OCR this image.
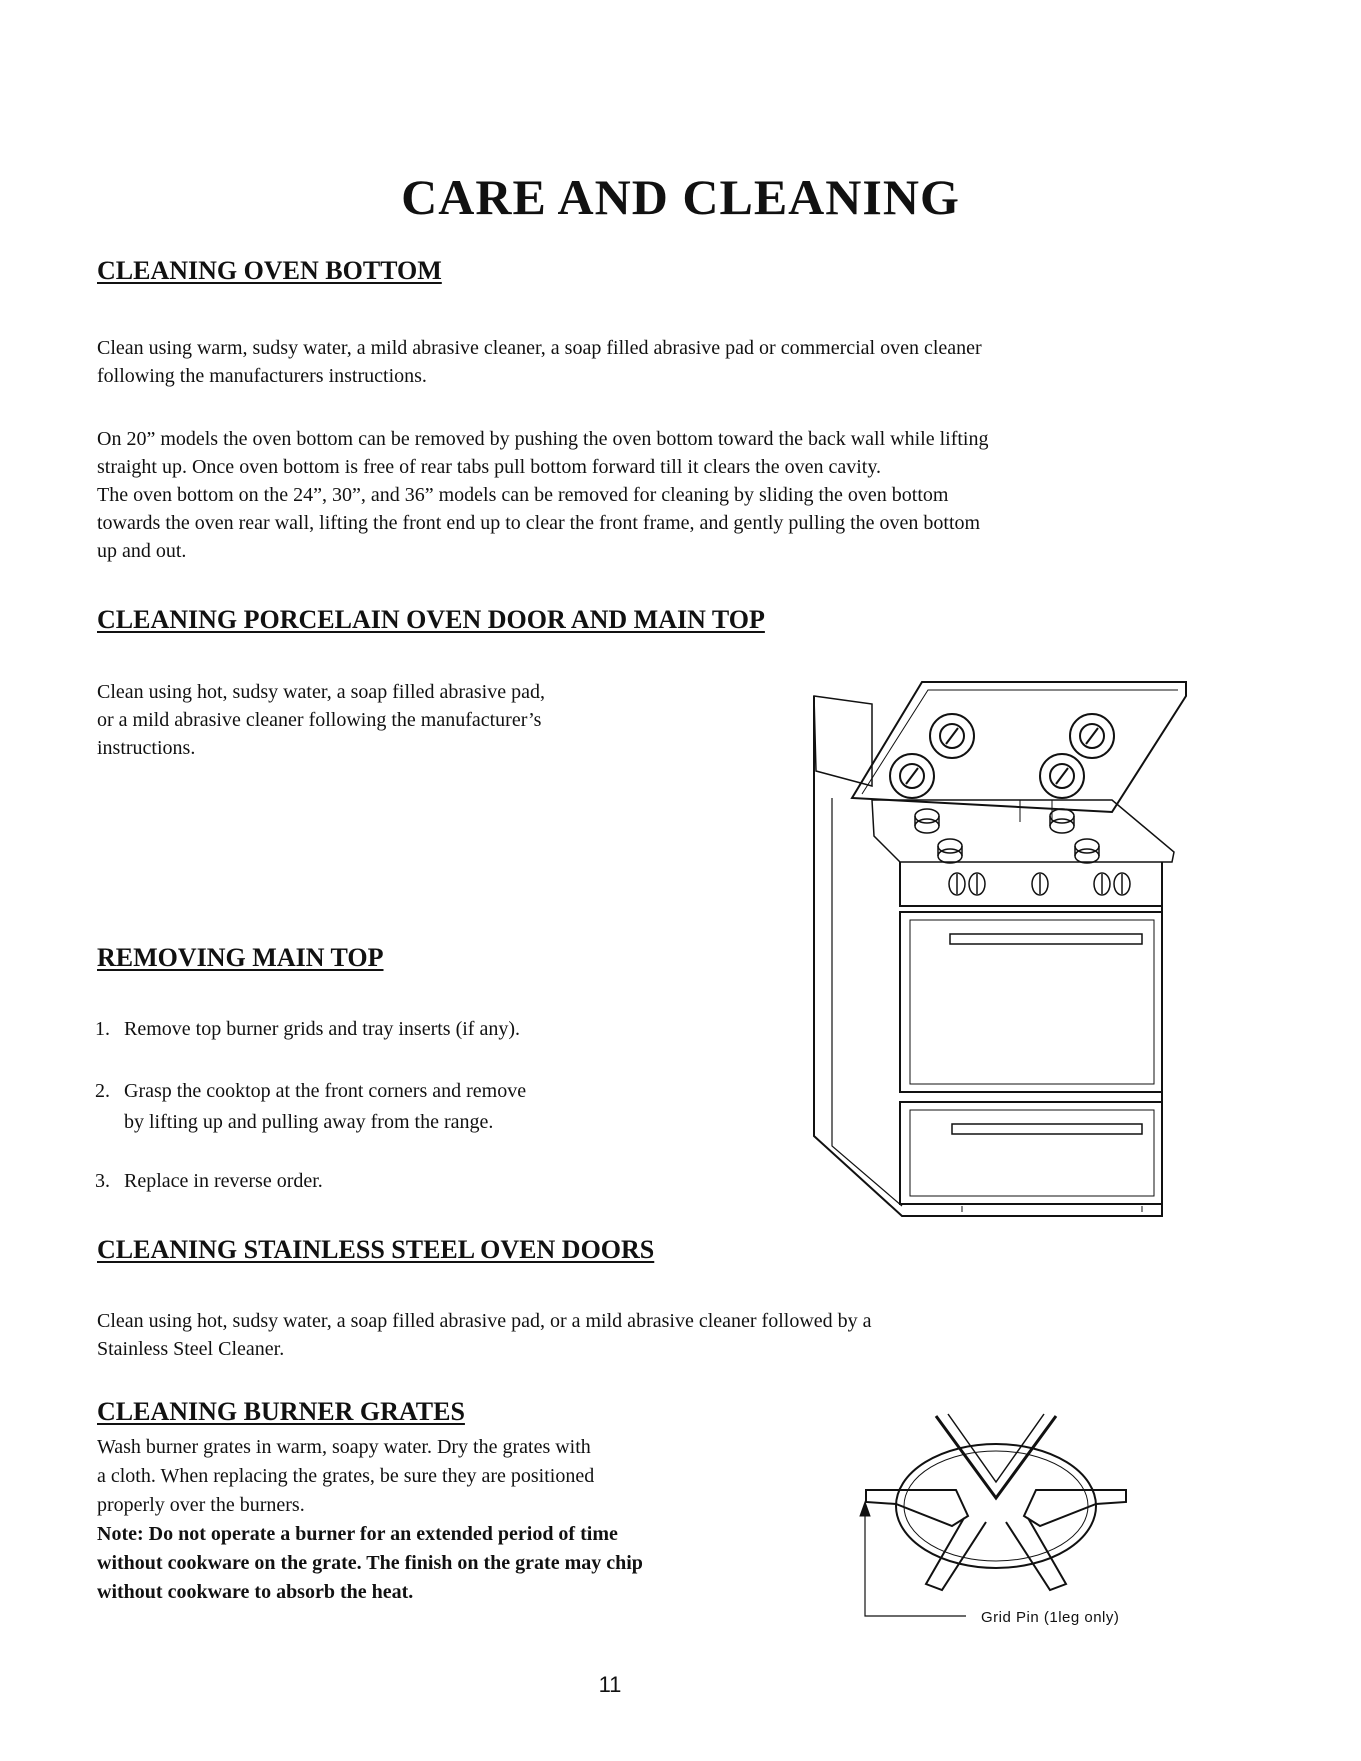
CARE AND CLEANING
CLEANING OVEN BOTTOM

Clean using warm, sudsy water, a mild abrasive cleaner, a soap filled abrasive pad or commercial oven cleaner
following the manufacturers instructions.

On 20” models the oven bottom can be removed by pushing the oven bottom toward the back wall while lifting
straight up. Once oven bottom is free of rear tabs pull bottom forward till it clears the oven cavity.
The oven bottom on the 24”, 30”, and 36” models can be removed for cleaning by sliding the oven bottom
towards the oven rear wall, lifting the front end up to clear the front frame, and gently pulling the oven bottom
up and out.

CLEANING PORCELAIN OVEN DOOR AND MAIN TOP

Clean using hot, sudsy water, a soap filled abrasive pad,
or a mild abrasive cleaner following the manufacturer’s
instructions.

REMOVING MAIN TOP
1. Remove top burner grids and tray inserts (if any).
2. Grasp the cooktop at the front corners and remove
by lifting up and pulling away from the range.
3. Replace in reverse order.
CLEANING STAINLESS STEEL OVEN DOORS

Clean using hot, sudsy water, a soap filled abrasive pad, or a mild abrasive cleaner followed by a
Stainless Steel Cleaner.

CLEANING BURNER GRATES

Wash burner grates in warm, soapy water. Dry the grates with
a cloth. When replacing the grates, be sure they are positioned
properly over the burners.
Note: Do not operate a burner for an extended period of time
without cookware on the grate. The finish on the grate may chip
without cookware to absorb the heat.

Grid Pin (1leg only)
11
